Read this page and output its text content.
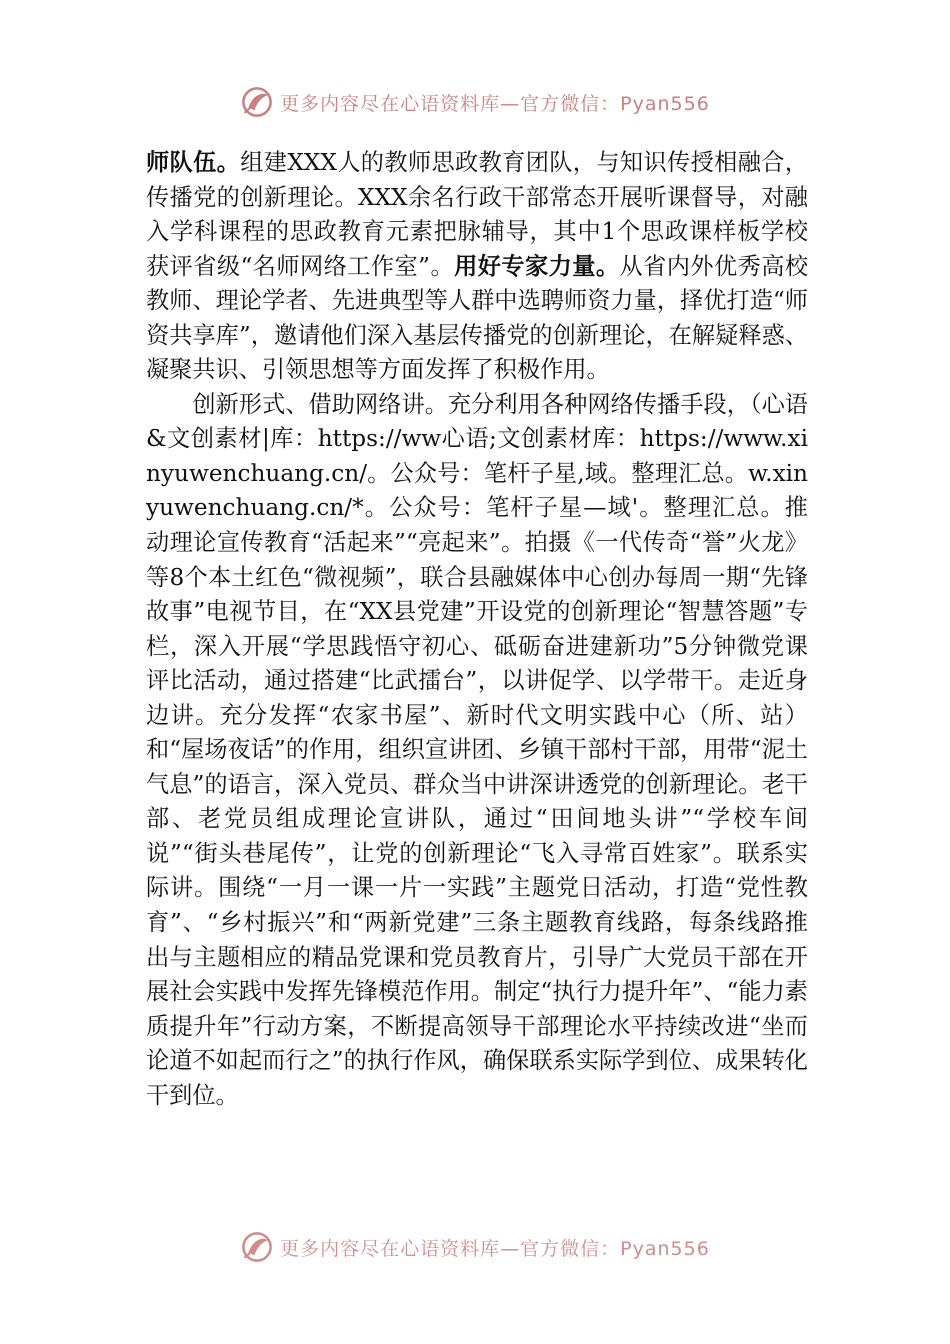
更多内容尽在心语资料库—官方微信：Pyan556

师队伍。组建XXX人的教师思政教育团队，与知识传授相融合，传播党的创新理论。XXX余名行政干部常态开展听课督导，对融入学科课程的思政教育元素把脉辅导，其中1个思政课样板学校获评省级“名师网络工作室”。用好专家力量。从省内外优秀高校教师、理论学者、先进典型等人群中选聘师资力量，择优打造“师资共享库”，邀请他们深入基层传播党的创新理论，在解疑释惑、凝聚共识、引领思想等方面发挥了积极作用。

创新形式、借助网络讲。充分利用各种网络传播手段，（心语&文创素材|库：https://ww心语;文创素材库：https://www.xinyuwenchuang.cn/。公众号：笔杆子星,域。整理汇总。w.xinyuwenchuang.cn/*。公众号：笔杆子星—域'。整理汇总。推动理论宣传教育“活起来”“亮起来”。拍摄《一代传奇“誉”火龙》等8个本土红色“微视频”，联合县融媒体中心创办每周一期“先锋故事”电视节目，在“XX县党建”开设党的创新理论“智慧答题”专栏，深入开展“学思践悟守初心、砥砺奋进建新功”5分钟微党课评比活动，通过搭建“比武擂台”，以讲促学、以学带干。走近身边讲。充分发挥“农家书屋”、新时代文明实践中心（所、站）和“屋场夜话”的作用，组织宣讲团、乡镇干部村干部，用带“泥土气息”的语言，深入党员、群众当中讲深讲透党的创新理论。老干部、老党员组成理论宣讲队，通过“田间地头讲”“学校车间说”“街头巷尾传”，让党的创新理论“飞入寻常百姓家”。联系实际讲。围绕“一月一课一片一实践”主题党日活动，打造“党性教育”、“乡村振兴”和“两新党建”三条主题教育线路，每条线路推出与主题相应的精品党课和党员教育片，引导广大党员干部在开展社会实践中发挥先锋模范作用。制定“执行力提升年”、“能力素质提升年”行动方案，不断提高领导干部理论水平持续改进“坐而论道不如起而行之”的执行作风，确保联系实际学到位、成果转化干到位。

更多内容尽在心语资料库—官方微信：Pyan556
